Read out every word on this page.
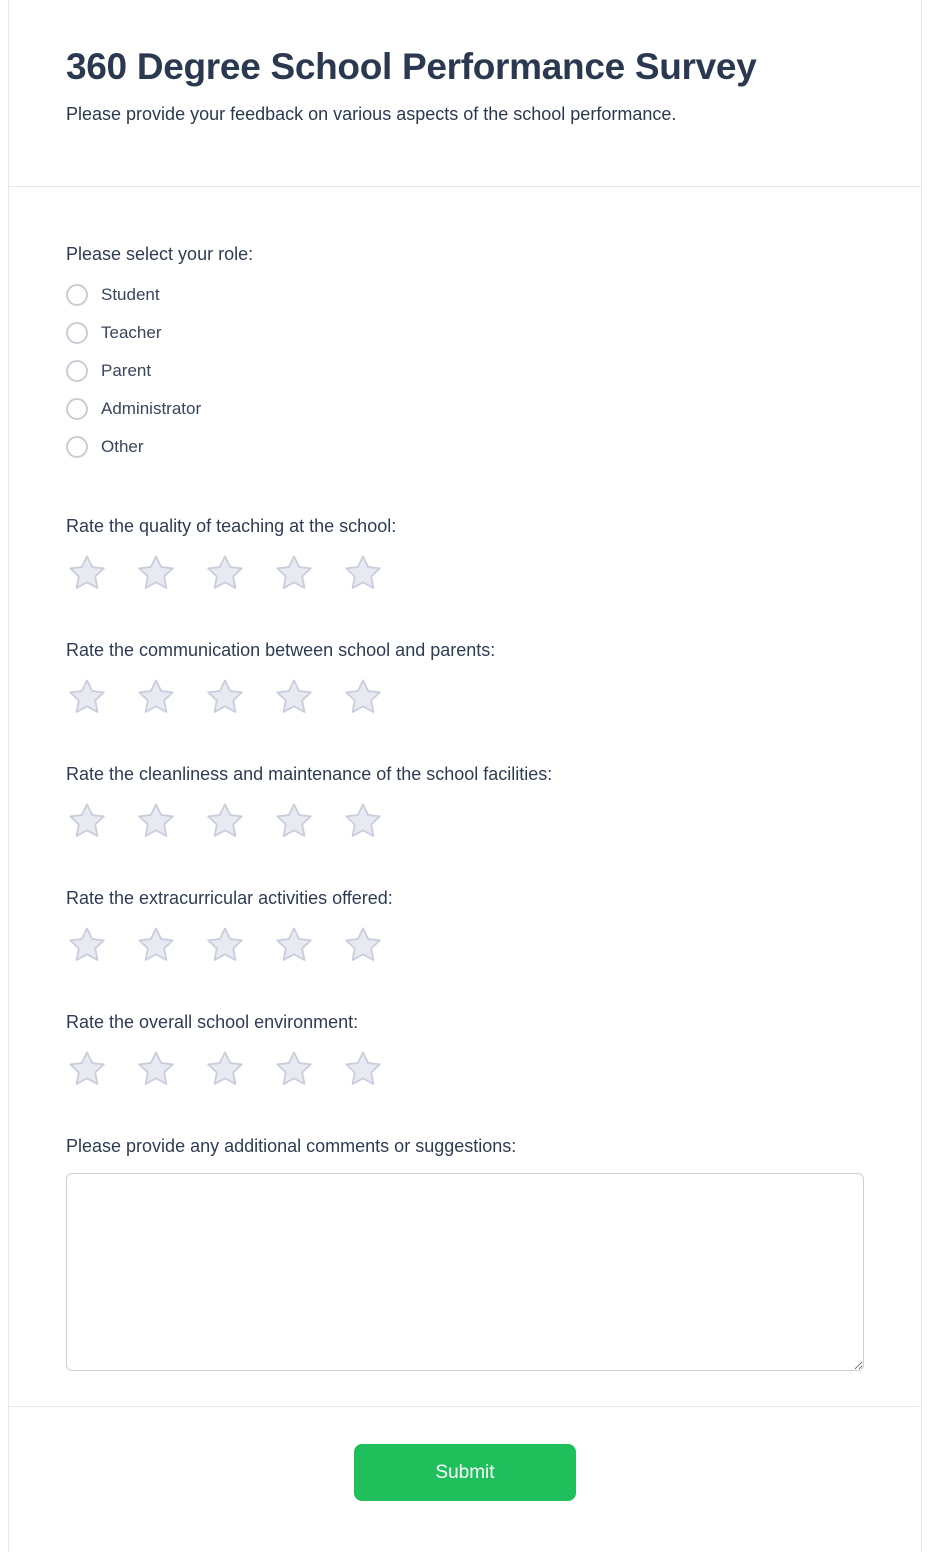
360 Degree School Performance Survey

Please provide your feedback on various aspects of the school performance.

Please select your role:

Student
Teacher
Parent
Administrator
Other

Rate the quality of teaching at the school:

Rate the communication between school and parents:

Rate the cleanliness and maintenance of the school facilities:

Rate the extracurricular activities offered:

Rate the overall school environment:

Please provide any additional comments or suggestions:

Submit
